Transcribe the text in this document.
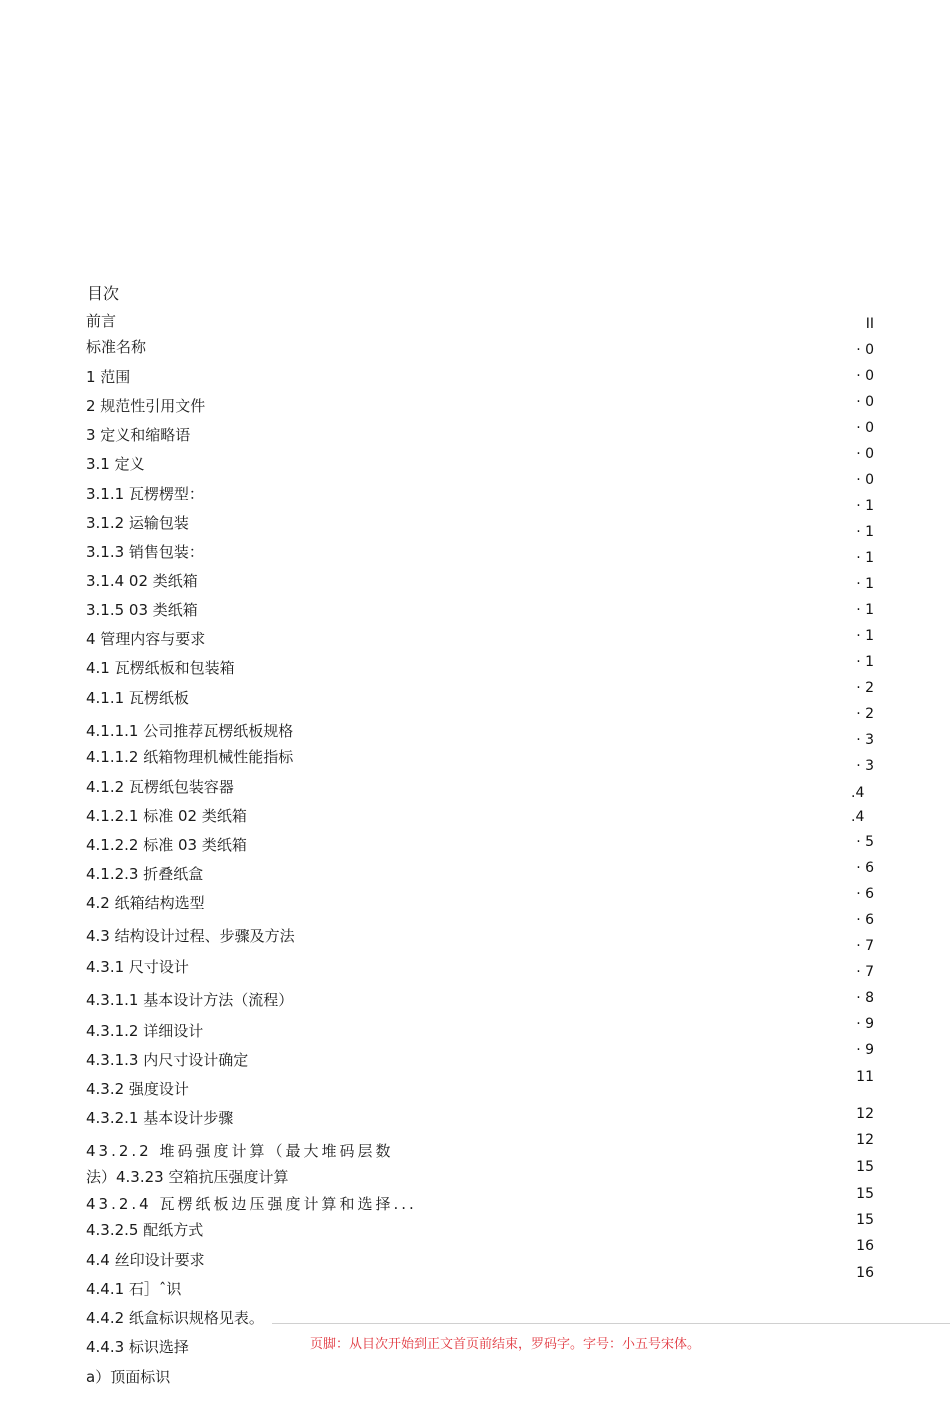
目次
前言
标准名称
1 范围
2 规范性引用文件
3 定义和缩略语
3.1 定义
3.1.1 瓦楞楞型：
3.1.2 运输包装
3.1.3 销售包装：
3.1.4 02 类纸箱
3.1.5 03 类纸箱
4 管理内容与要求
4.1 瓦楞纸板和包装箱
4.1.1 瓦楞纸板
4.1.1.1 公司推荐瓦楞纸板规格
4.1.1.2 纸箱物理机械性能指标
4.1.2 瓦楞纸包装容器
4.1.2.1 标准 02 类纸箱
4.1.2.2 标准 03 类纸箱
4.1.2.3 折叠纸盒
4.2 纸箱结构选型
4.3 结构设计过程、步骤及方法
4.3.1 尺寸设计
4.3.1.1 基本设计方法（流程）
4.3.1.2 详细设计
4.3.1.3 内尺寸设计确定
4.3.2 强度设计
4.3.2.1 基本设计步骤
43.2.2 堆码强度计算（最大堆码层数
法）4.3.23 空箱抗压强度计算
43.2.4 瓦楞纸板边压强度计算和选择...
4.3.2.5 配纸方式
4.4 丝印设计要求
4.4.1 石］ˆ识
4.4.2 纸盒标识规格见表。
4.4.3 标识选择
a）顶面标识
II
· 0
· 0
· 0
· 0
· 0
· 0
· 1
· 1
· 1
· 1
· 1
· 1
· 1
· 2
· 2
· 3
· 3
.4
.4
· 5
· 6
· 6
· 6
· 7
· 7
· 8
· 9
· 9
11
12
12
15
15
15
16
16
页脚：从目次开始到正文首页前结束，罗码字。字号：小五号宋体。
